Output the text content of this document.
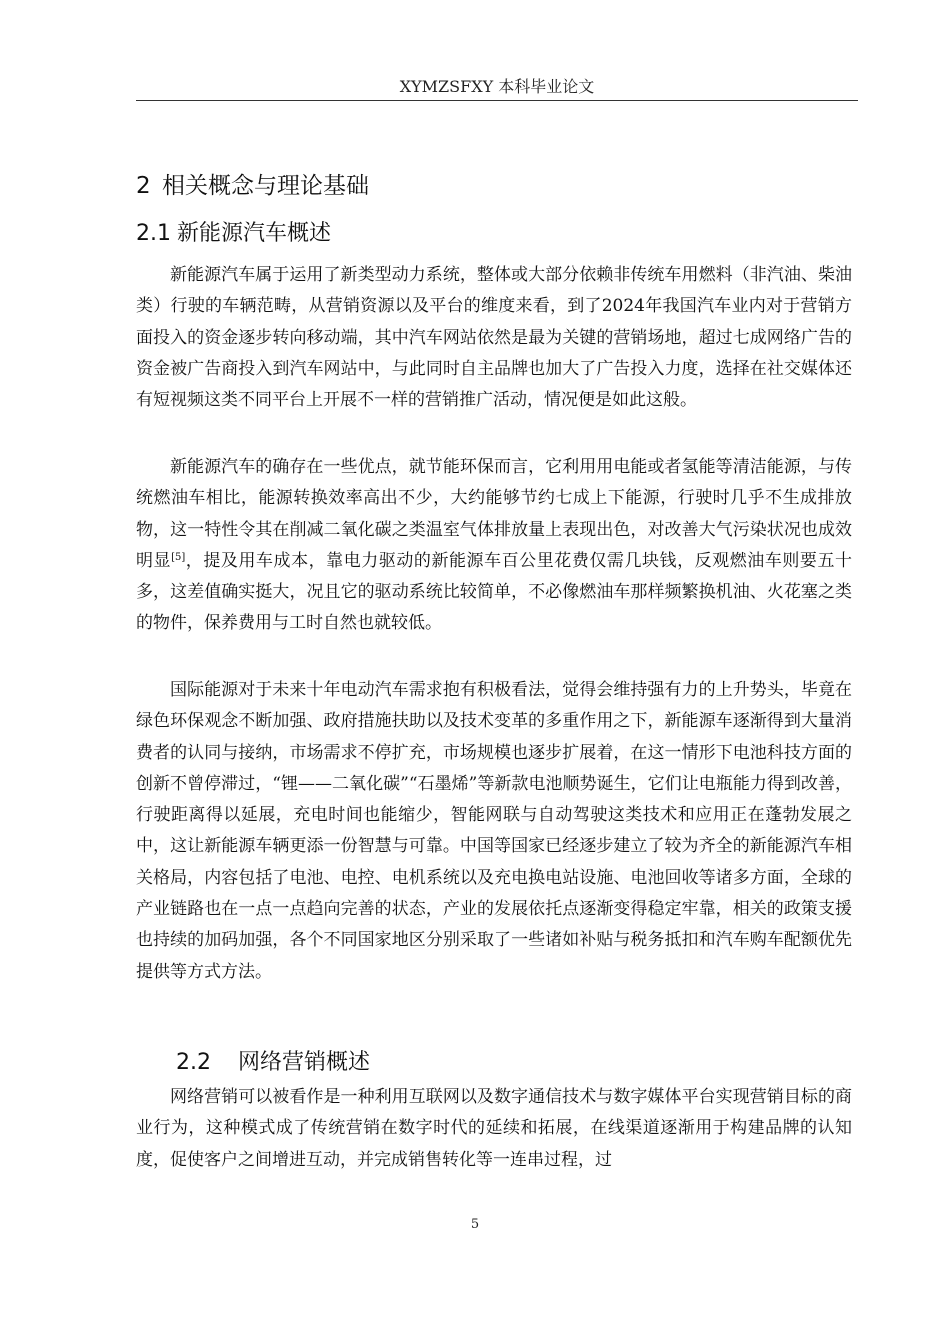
XYMZSFXY 本科毕业论文
2 相关概念与理论基础
2.1 新能源汽车概述

新能源汽车属于运用了新类型动力系统，整体或大部分依赖非传统车用燃料（非汽油、柴油类）行驶的车辆范畴，从营销资源以及平台的维度来看，到了2024年我国汽车业内对于营销方面投入的资金逐步转向移动端，其中汽车网站依然是最为关键的营销场地，超过七成网络广告的资金被广告商投入到汽车网站中，与此同时自主品牌也加大了广告投入力度，选择在社交媒体还有短视频这类不同平台上开展不一样的营销推广活动，情况便是如此这般。

新能源汽车的确存在一些优点，就节能环保而言，它利用用电能或者氢能等清洁能源，与传统燃油车相比，能源转换效率高出不少，大约能够节约七成上下能源，行驶时几乎不生成排放物，这一特性令其在削减二氧化碳之类温室气体排放量上表现出色，对改善大气污染状况也成效明显[5]，提及用车成本，靠电力驱动的新能源车百公里花费仅需几块钱，反观燃油车则要五十多，这差值确实挺大，况且它的驱动系统比较简单，不必像燃油车那样频繁换机油、火花塞之类的物件，保养费用与工时自然也就较低。

国际能源对于未来十年电动汽车需求抱有积极看法，觉得会维持强有力的上升势头，毕竟在绿色环保观念不断加强、政府措施扶助以及技术变革的多重作用之下，新能源车逐渐得到大量消费者的认同与接纳，市场需求不停扩充，市场规模也逐步扩展着，在这一情形下电池科技方面的创新不曾停滞过，“锂——二氧化碳”“石墨烯”等新款电池顺势诞生，它们让电瓶能力得到改善，行驶距离得以延展，充电时间也能缩少，智能网联与自动驾驶这类技术和应用正在蓬勃发展之中，这让新能源车辆更添一份智慧与可靠。中国等国家已经逐步建立了较为齐全的新能源汽车相关格局，内容包括了电池、电控、电机系统以及充电换电站设施、电池回收等诸多方面，全球的产业链路也在一点一点趋向完善的状态，产业的发展依托点逐渐变得稳定牢靠，相关的政策支援也持续的加码加强，各个不同国家地区分别采取了一些诸如补贴与税务抵扣和汽车购车配额优先提供等方式方法。

2.2 网络营销概述

网络营销可以被看作是一种利用互联网以及数字通信技术与数字媒体平台实现营销目标的商业行为，这种模式成了传统营销在数字时代的延续和拓展，在线渠道逐渐用于构建品牌的认知度，促使客户之间增进互动，并完成销售转化等一连串过程，过

5
